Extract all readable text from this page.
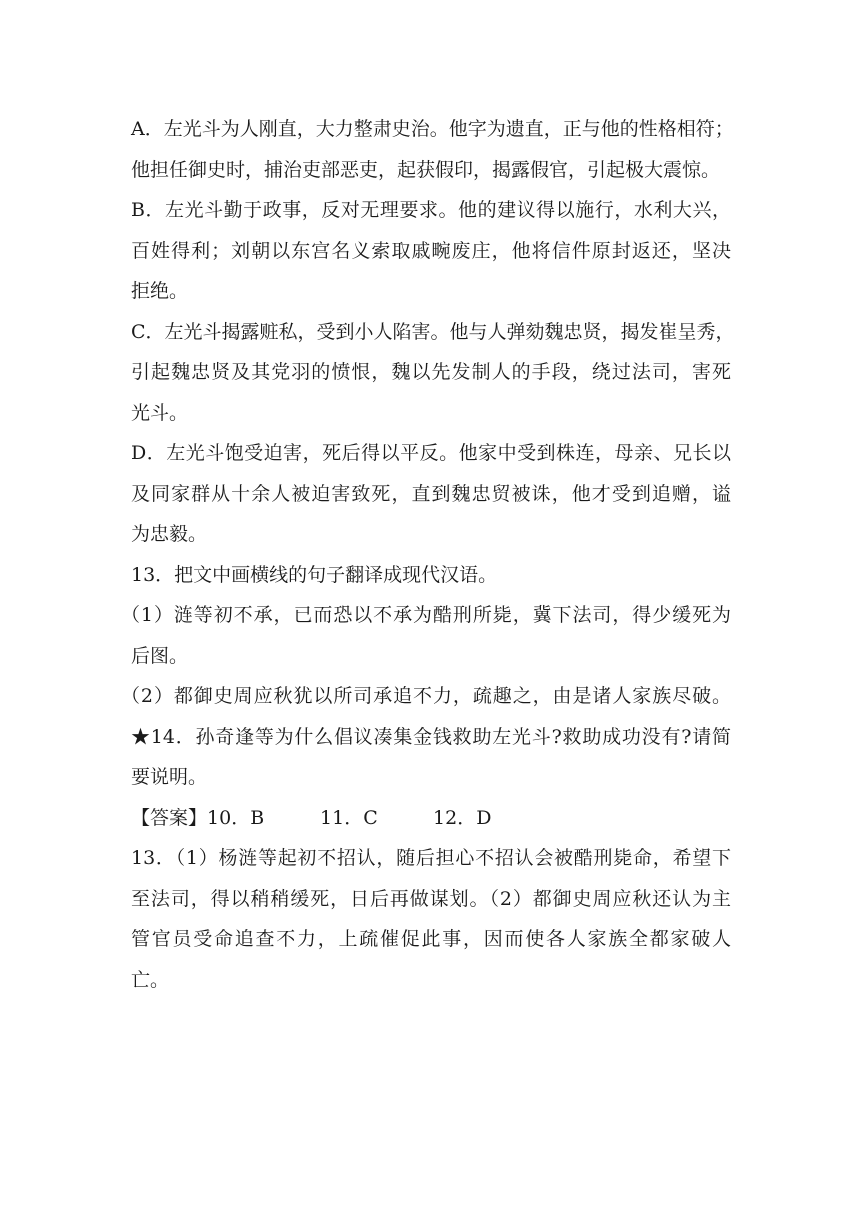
A．左光斗为人刚直，大力整肃史治。他字为遗直，正与他的性格相符；
他担任御史时，捕治吏部恶吏，起获假印，揭露假官，引起极大震惊。
B．左光斗勤于政事，反对无理要求。他的建议得以施行，水利大兴，
百姓得利；刘朝以东宫名义索取戚畹废庄，他将信件原封返还，坚决
拒绝。
C．左光斗揭露赃私，受到小人陷害。他与人弹劾魏忠贤，揭发崔呈秀，
引起魏忠贤及其党羽的愤恨，魏以先发制人的手段，绕过法司，害死
光斗。
D．左光斗饱受迫害，死后得以平反。他家中受到株连，母亲、兄长以
及同家群从十余人被迫害致死，直到魏忠贸被诛，他才受到追赠，谥
为忠毅。
13．把文中画横线的句子翻译成现代汉语。
（1）涟等初不承，已而恐以不承为酷刑所毙，冀下法司，得少缓死为
后图。
（2）都御史周应秋犹以所司承追不力，疏趣之，由是诸人家族尽破。
★14．孙奇逢等为什么倡议凑集金钱救助左光斗?救助成功没有?请简
要说明。
【答案】 10．B	11．C	12．D
13．（1）杨涟等起初不招认，随后担心不招认会被酷刑毙命，希望下
至法司，得以稍稍缓死，日后再做谋划。（2）都御史周应秋还认为主
管官员受命追查不力，上疏催促此事，因而使各人家族全都家破人
亡。
